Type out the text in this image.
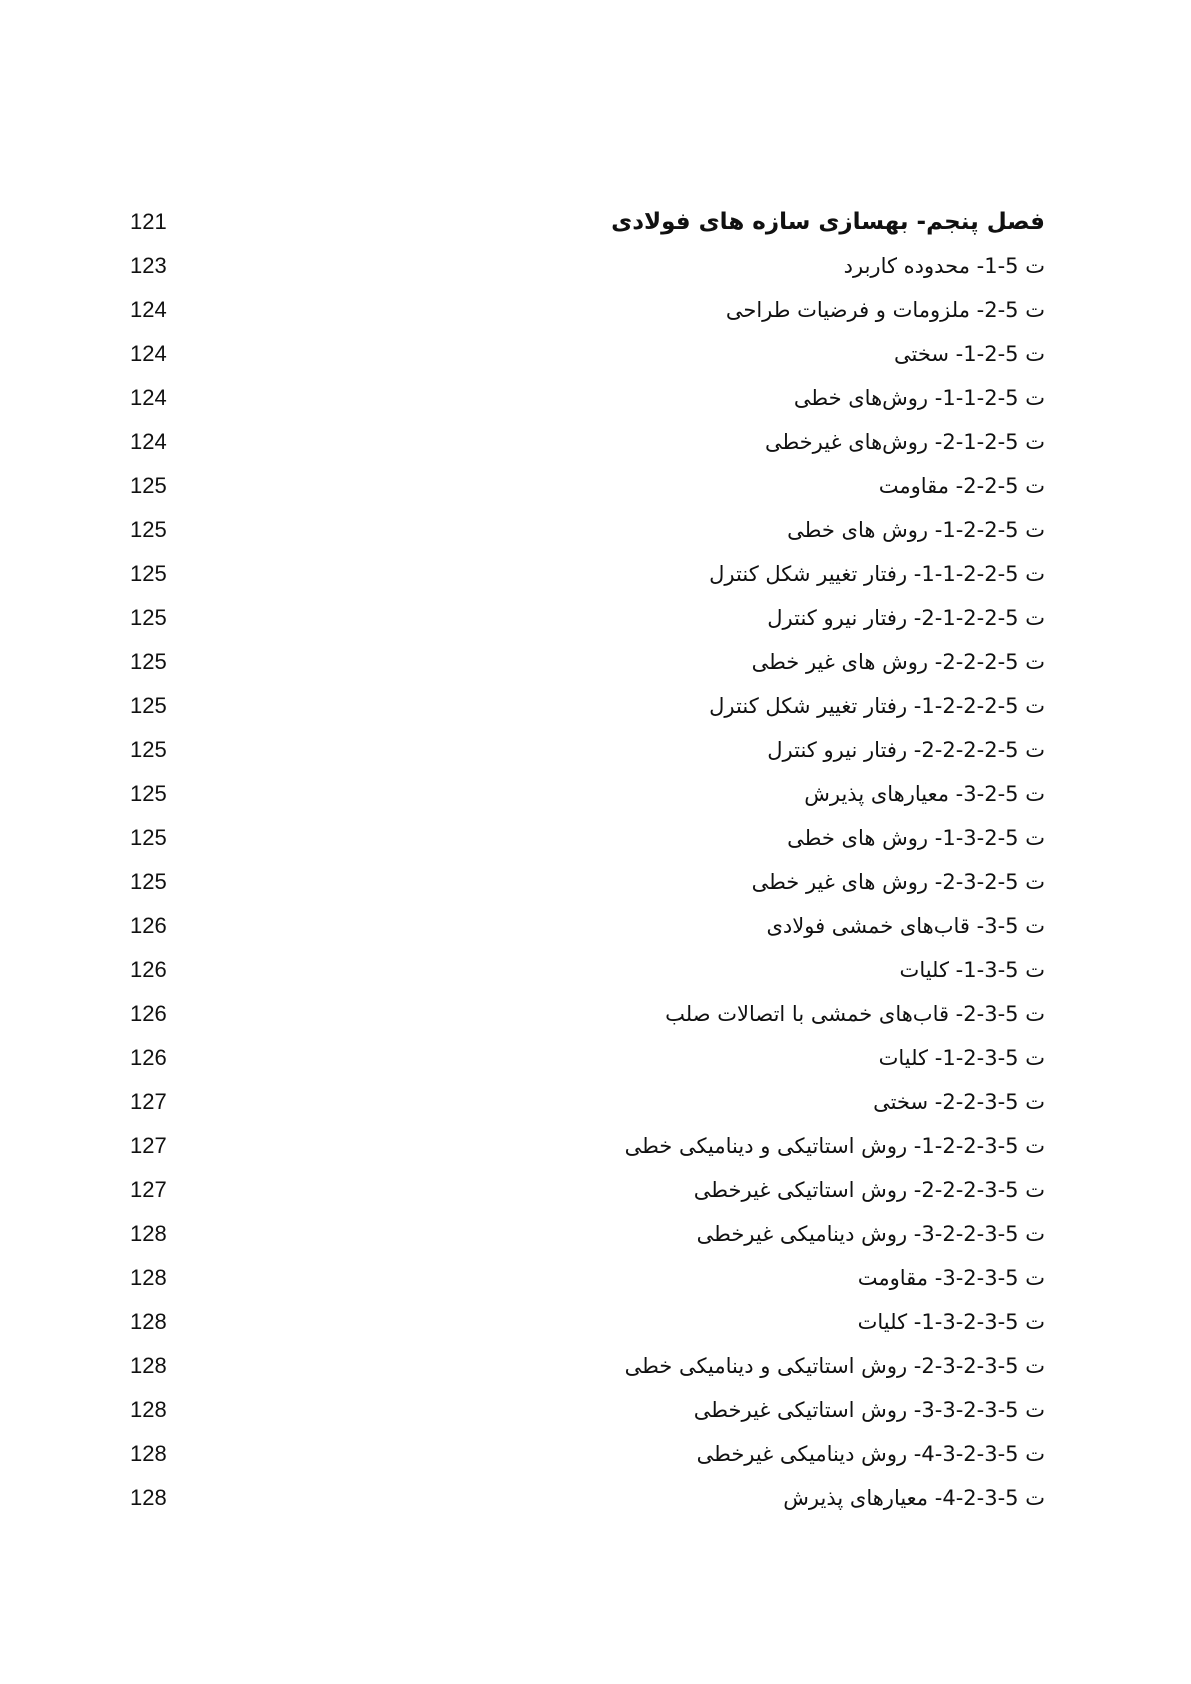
فصل پنجم- بهسازی سازه های فولادی
121
ت 5-1- محدوده کاربرد
123
ت 5-2- ملزومات و فرضیات طراحی
124
ت 5-2-1- سختی
124
ت 5-2-1-1- روش‌های خطی
124
ت 5-2-1-2- روش‌های غیرخطی
124
ت 5-2-2- مقاومت
125
ت 5-2-2-1- روش های خطی
125
ت 5-2-2-1-1- رفتار تغییر شکل کنترل
125
ت 5-2-2-1-2- رفتار نیرو کنترل
125
ت 5-2-2-2- روش های غیر خطی
125
ت 5-2-2-2-1- رفتار تغییر شکل کنترل
125
ت 5-2-2-2-2- رفتار نیرو کنترل
125
ت 5-2-3- معیارهای پذیرش
125
ت 5-2-3-1- روش های خطی
125
ت 5-2-3-2- روش های غیر خطی
125
ت 5-3- قاب‌های خمشی فولادی
126
ت 5-3-1- کلیات
126
ت 5-3-2- قاب‌های خمشی با اتصالات صلب
126
ت 5-3-2-1- کلیات
126
ت 5-3-2-2- سختی
127
ت 5-3-2-2-1- روش استاتیکی و دینامیکی خطی
127
ت 5-3-2-2-2- روش استاتیکی غیرخطی
127
ت 5-3-2-2-3- روش دینامیکی غیرخطی
128
ت 5-3-2-3- مقاومت
128
ت 5-3-2-3-1- کلیات
128
ت 5-3-2-3-2- روش استاتیکی و دینامیکی خطی
128
ت 5-3-2-3-3- روش استاتیکی غیرخطی
128
ت 5-3-2-3-4- روش دینامیکی غیرخطی
128
ت 5-3-2-4- معیارهای پذیرش
128
